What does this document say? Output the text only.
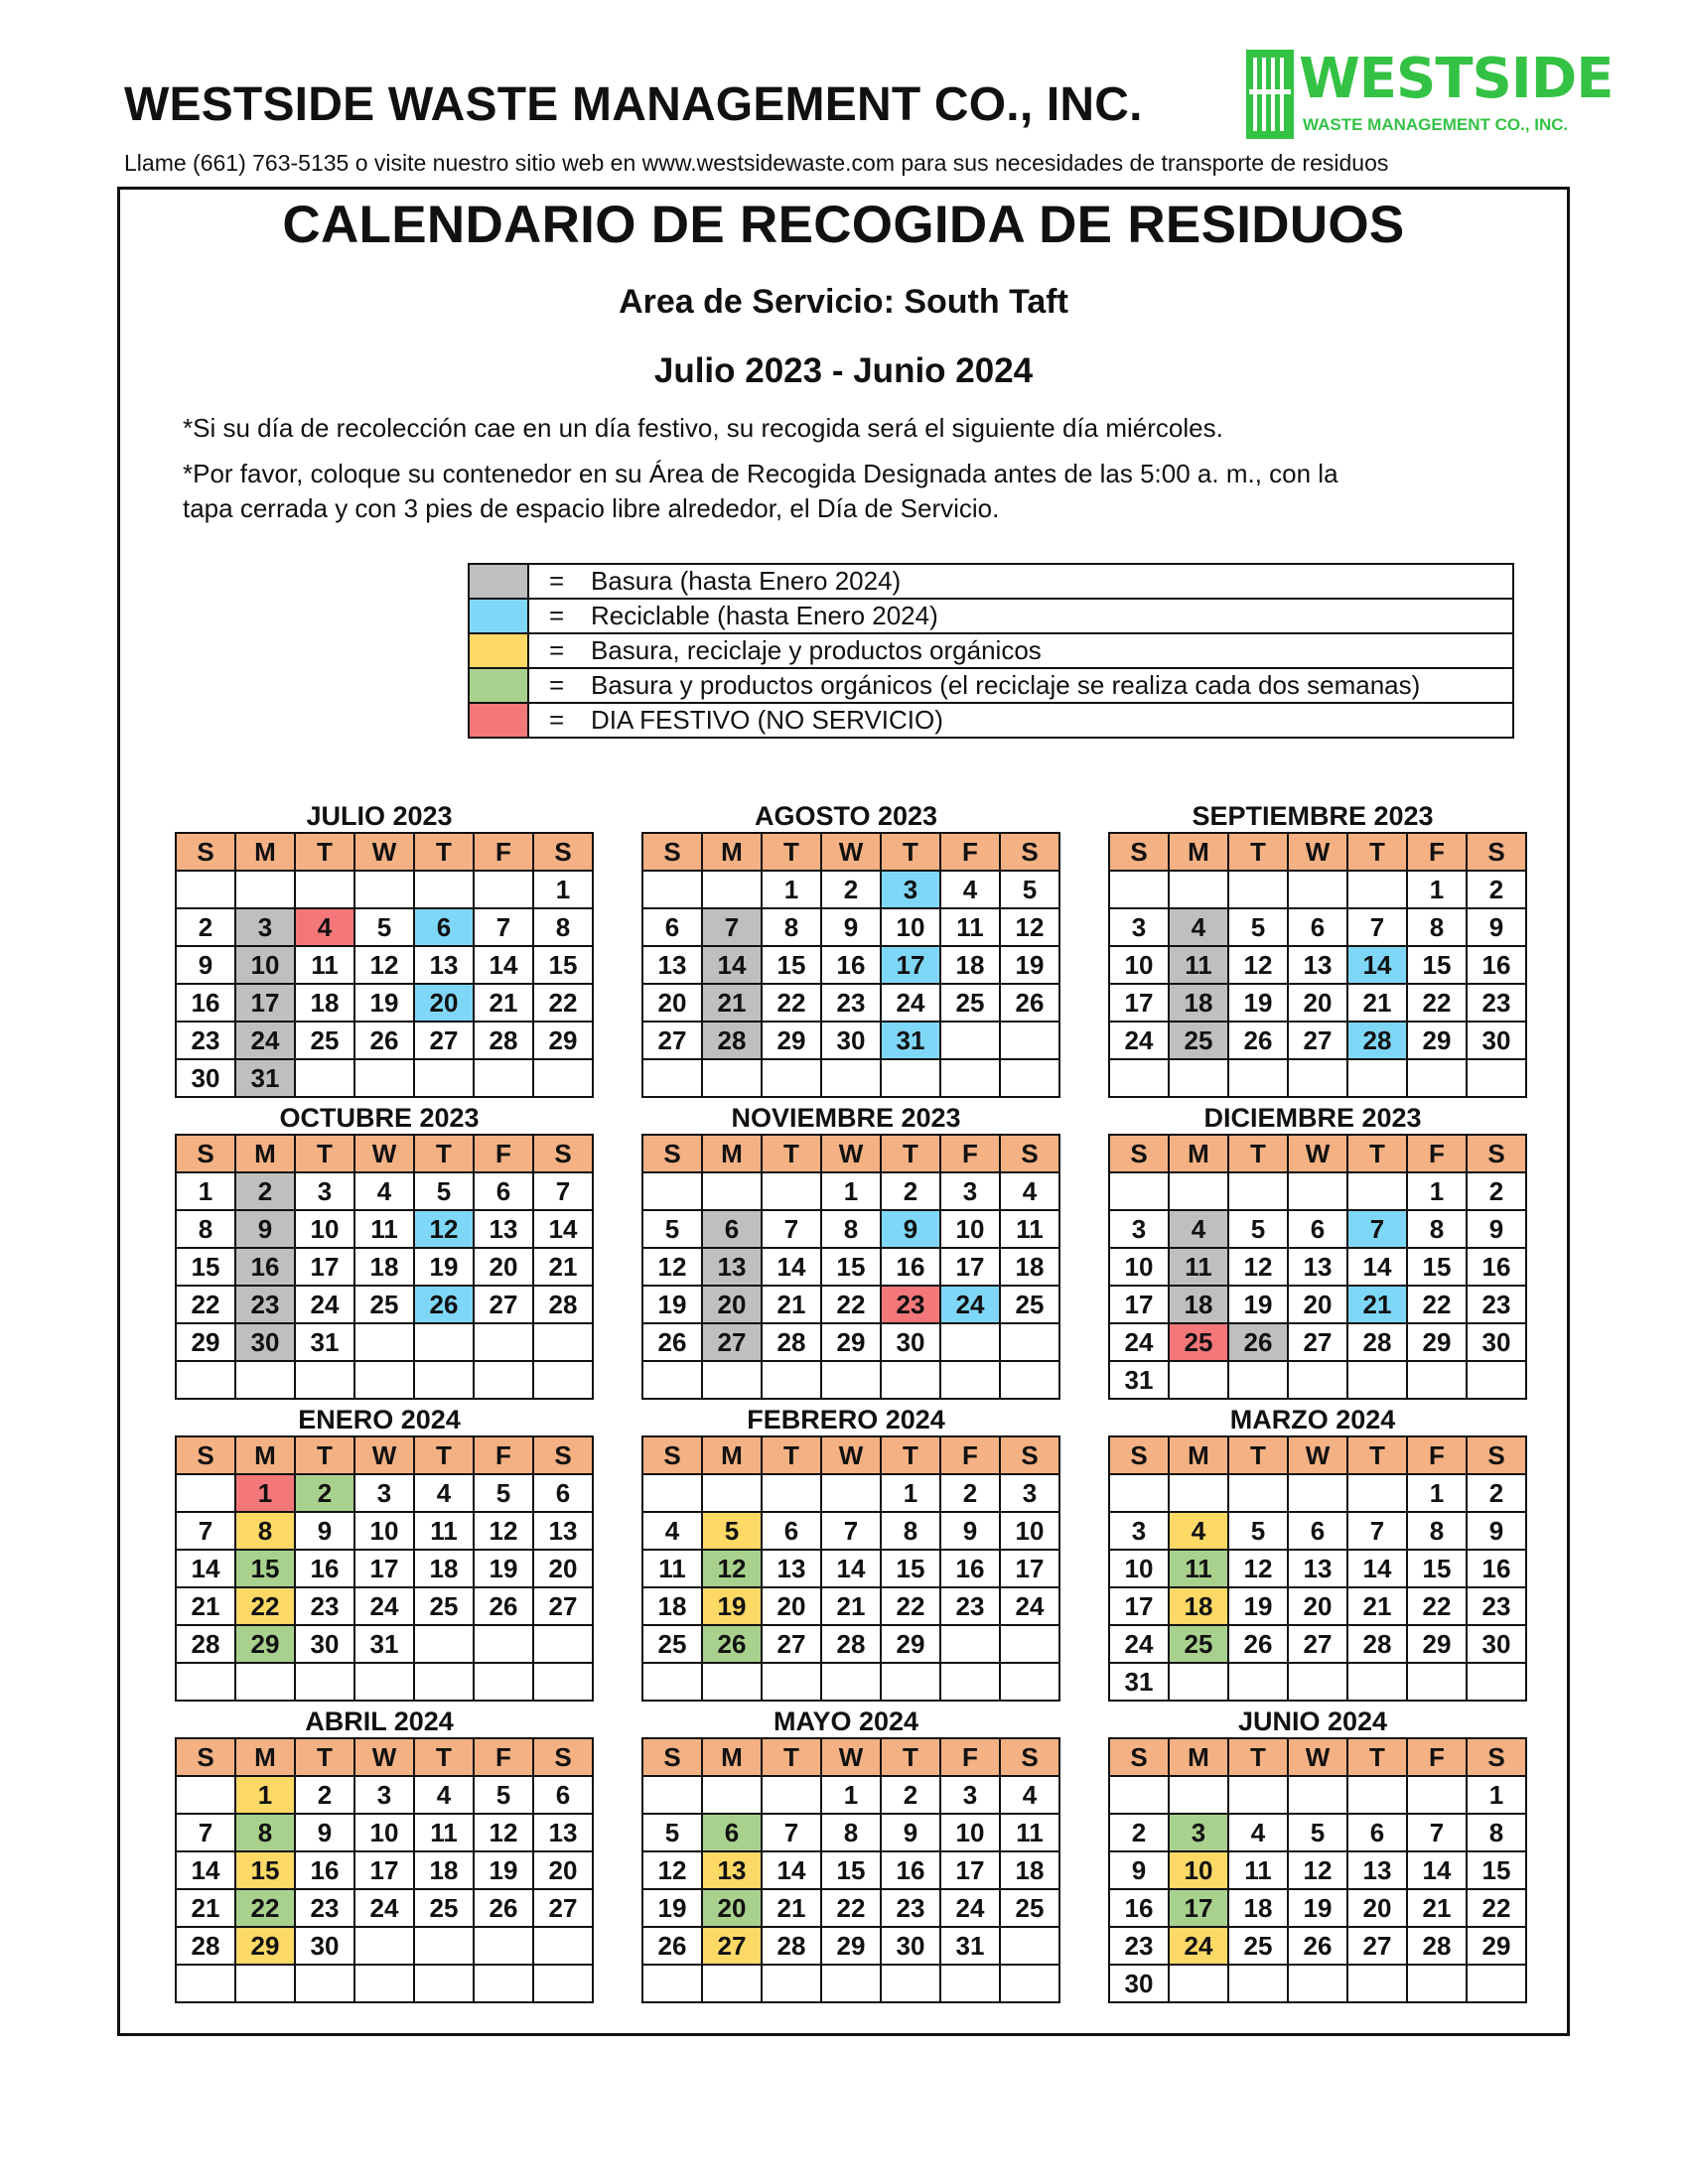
WESTSIDE WASTE MANAGEMENT CO., INC.	WESTSIDE
WASTE MANAGEMENT CO., INC.
Llame (661) 763-5135 o visite nuestro sitio web en www.westsidewaste.com para sus necesidades de transporte de residuos
CALENDARIO DE RECOGIDA DE RESIDUOS
Area de Servicio: South Taft
Julio 2023 - Junio 2024
*Si su día de recolección cae en un día festivo, su recogida será el siguiente día miércoles.
*Por favor, coloque su contenedor en su Área de Recogida Designada antes de las 5:00 a. m., con la
tapa cerrada y con 3 pies de espacio libre alrededor, el Día de Servicio.
	= Basura (hasta Enero 2024)
	= Reciclable (hasta Enero 2024)
	= Basura, reciclaje y productos orgánicos
	= Basura y productos orgánicos (el reciclaje se realiza cada dos semanas)
	= DIA FESTIVO (NO SERVICIO)
JULIO 2023
S	M	T	W	T	F	S
						1
2	3	4	5	6	7	8
9	10	11	12	13	14	15
16	17	18	19	20	21	22
23	24	25	26	27	28	29
30	31					
AGOSTO 2023
S	M	T	W	T	F	S
		1	2	3	4	5
6	7	8	9	10	11	12
13	14	15	16	17	18	19
20	21	22	23	24	25	26
27	28	29	30	31		

SEPTIEMBRE 2023
S	M	T	W	T	F	S
					1	2
3	4	5	6	7	8	9
10	11	12	13	14	15	16
17	18	19	20	21	22	23
24	25	26	27	28	29	30

OCTUBRE 2023
S	M	T	W	T	F	S
1	2	3	4	5	6	7
8	9	10	11	12	13	14
15	16	17	18	19	20	21
22	23	24	25	26	27	28
29	30	31				

NOVIEMBRE 2023
S	M	T	W	T	F	S
			1	2	3	4
5	6	7	8	9	10	11
12	13	14	15	16	17	18
19	20	21	22	23	24	25
26	27	28	29	30		

DICIEMBRE 2023
S	M	T	W	T	F	S
					1	2
3	4	5	6	7	8	9
10	11	12	13	14	15	16
17	18	19	20	21	22	23
24	25	26	27	28	29	30
31						
ENERO 2024
S	M	T	W	T	F	S
	1	2	3	4	5	6
7	8	9	10	11	12	13
14	15	16	17	18	19	20
21	22	23	24	25	26	27
28	29	30	31			

FEBRERO 2024
S	M	T	W	T	F	S
				1	2	3
4	5	6	7	8	9	10
11	12	13	14	15	16	17
18	19	20	21	22	23	24
25	26	27	28	29		

MARZO 2024
S	M	T	W	T	F	S
					1	2
3	4	5	6	7	8	9
10	11	12	13	14	15	16
17	18	19	20	21	22	23
24	25	26	27	28	29	30
31						
ABRIL 2024
S	M	T	W	T	F	S
	1	2	3	4	5	6
7	8	9	10	11	12	13
14	15	16	17	18	19	20
21	22	23	24	25	26	27
28	29	30				

MAYO 2024
S	M	T	W	T	F	S
			1	2	3	4
5	6	7	8	9	10	11
12	13	14	15	16	17	18
19	20	21	22	23	24	25
26	27	28	29	30	31	

JUNIO 2024
S	M	T	W	T	F	S
						1
2	3	4	5	6	7	8
9	10	11	12	13	14	15
16	17	18	19	20	21	22
23	24	25	26	27	28	29
30						
